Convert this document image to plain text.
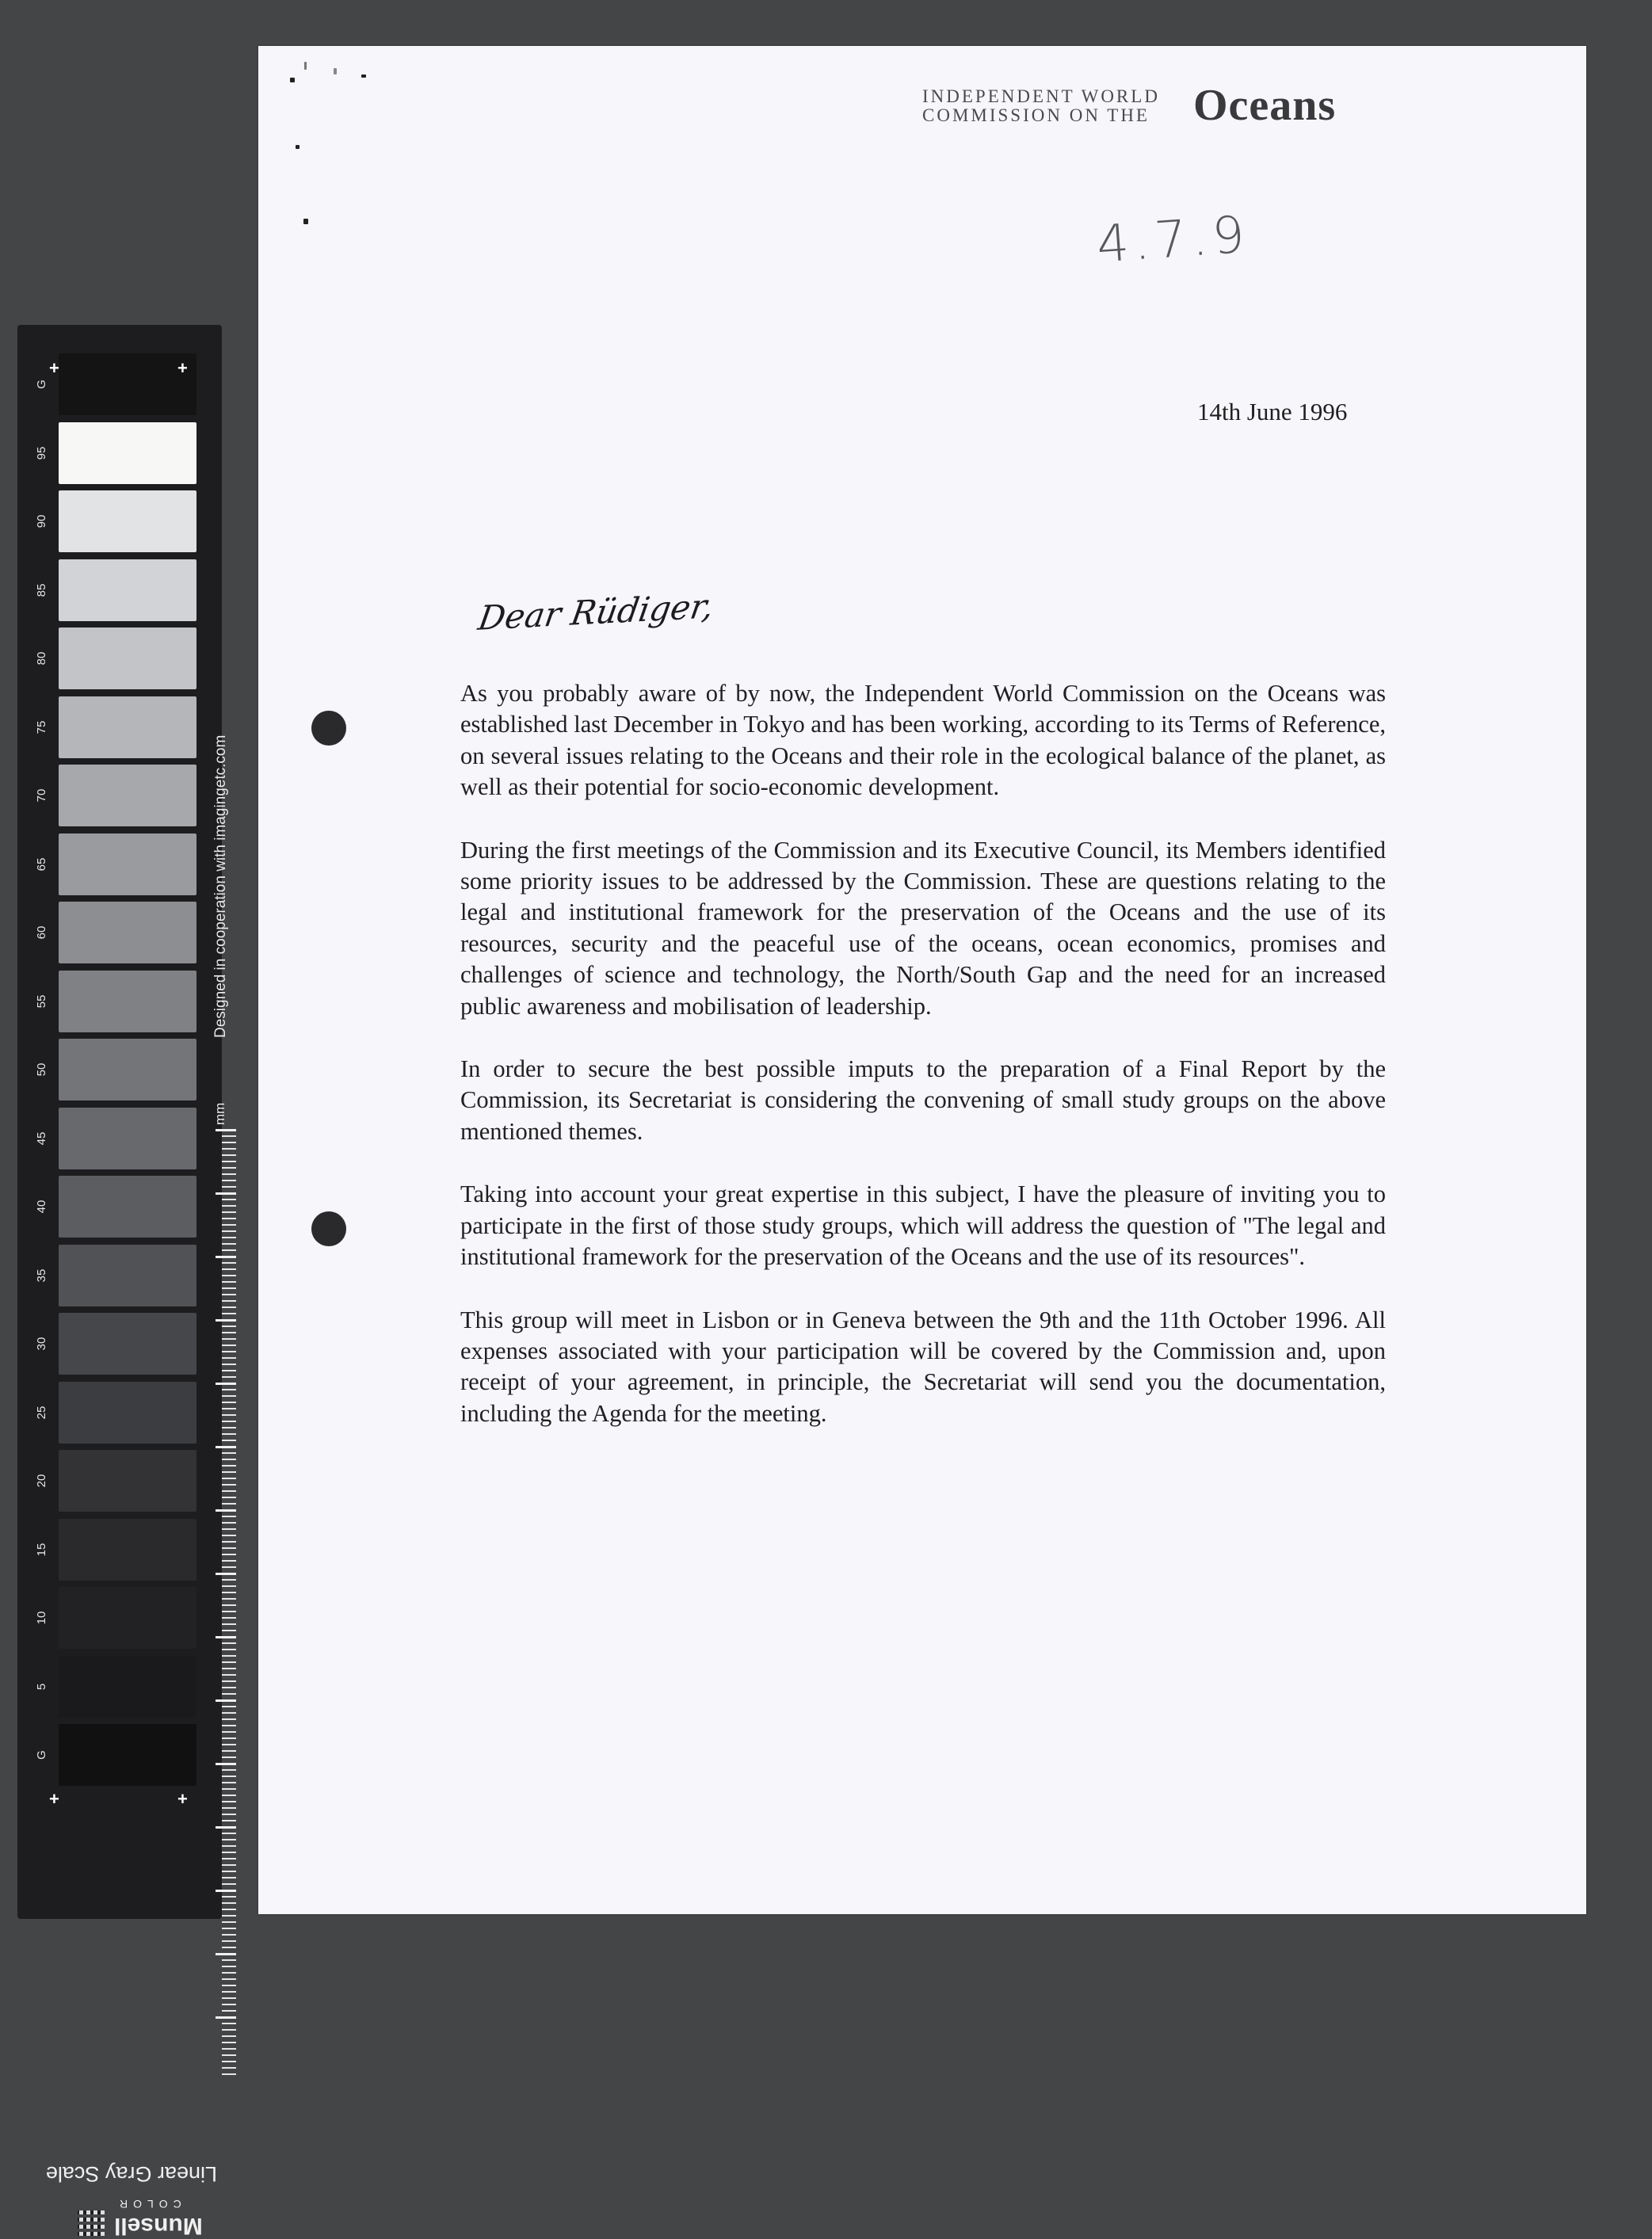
G
95
90
85
80
75
70
65
60
55
50
45
40
35
30
25
20
15
10
5
G
+	+
+	+
Designed in cooperation with imagingetc.com
mm
Linear Gray Scale
Munsell
COLOR
INDEPENDENT WORLD
COMMISSION ON THE Oceans
4.7.9
14th June 1996
Dear Rüdiger,

As you probably aware of by now, the Independent World Commission on the Oceans was established last December in Tokyo and has been working, according to its Terms of Reference, on several issues relating to the Oceans and their role in the ecological balance of the planet, as well as their potential for socio-economic development.

During the first meetings of the Commission and its Executive Council, its Members identified some priority issues to be addressed by the Commission. These are questions relating to the legal and institutional framework for the preservation of the Oceans and the use of its resources, security and the peaceful use of the oceans, ocean economics, promises and challenges of science and technology, the North/South Gap and the need for an increased public awareness and mobilisation of leadership.

In order to secure the best possible imputs to the preparation of a Final Report by the Commission, its Secretariat is considering the convening of small study groups on the above mentioned themes.

Taking into account your great expertise in this subject, I have the pleasure of inviting you to participate in the first of those study groups, which will address the question of "The legal and institutional framework for the preservation of the Oceans and the use of its resources".

This group will meet in Lisbon or in Geneva between the 9th and the 11th October 1996. All expenses associated with your participation will be covered by the Commission and, upon receipt of your agreement, in principle, the Secretariat will send you the documentation, including the Agenda for the meeting.
